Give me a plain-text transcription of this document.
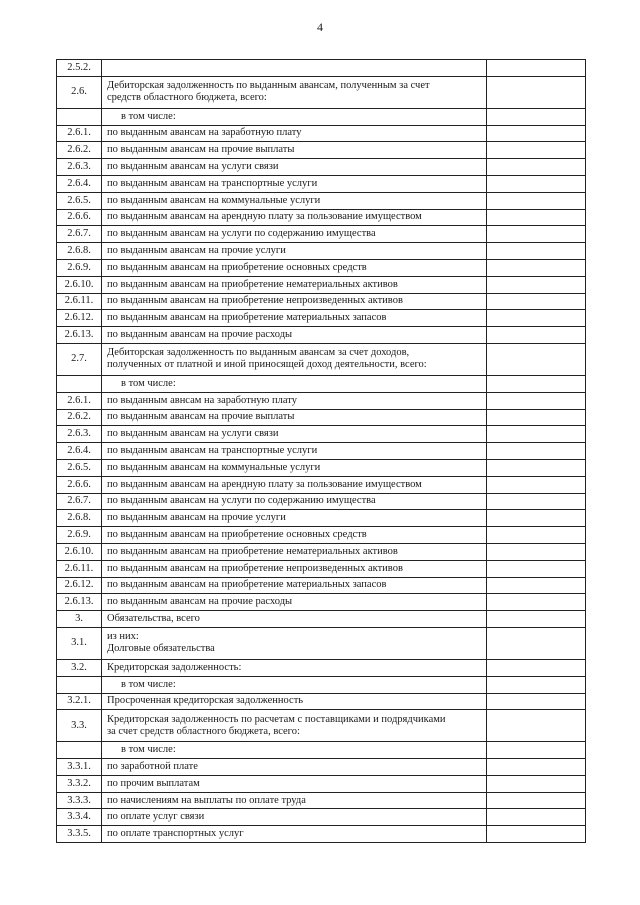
4
2.5.2.	

2.6.	Дебиторская задолженность по выданным авансам, полученным за счет
средств областного бюджета, всего:	

	в том числе:	

2.6.1.	по выданным авансам на заработную плату	

2.6.2.	по выданным авансам на прочие выплаты	

2.6.3.	по выданным авансам на услуги связи	

2.6.4.	по выданным авансам на транспортные услуги	

2.6.5.	по выданным авансам на коммунальные услуги	

2.6.6.	по выданным авансам на арендную плату за пользование имуществом	

2.6.7.	по выданным авансам на услуги по содержанию имущества	

2.6.8.	по выданным авансам на прочие услуги	

2.6.9.	по выданным авансам на приобретение основных средств	

2.6.10.	по выданным авансам на приобретение нематериальных активов	

2.6.11.	по выданным авансам на приобретение непроизведенных активов	

2.6.12.	по выданным авансам на приобретение материальных запасов	

2.6.13.	по выданным авансам на прочие расходы	

2.7.	Дебиторская задолженность по выданным авансам за счет доходов,
полученных от платной и иной приносящей доход деятельности, всего:	

	в том числе:	

2.6.1.	по выданным авнсам на заработную плату	

2.6.2.	по выданным авансам на прочие выплаты	

2.6.3.	по выданным авансам на услуги связи	

2.6.4.	по выданным авансам на транспортные услуги	

2.6.5.	по выданным авансам на коммунальные услуги	

2.6.6.	по выданным авансам на арендную плату за пользование имуществом	

2.6.7.	по выданным авансам на услуги по содержанию имущества	

2.6.8.	по выданным авансам на прочие услуги	

2.6.9.	по выданным авансам на приобретение основных средств	

2.6.10.	по выданным авансам на приобретение нематериальных активов	

2.6.11.	по выданным авансам на приобретение непроизведенных активов	

2.6.12.	по выданным авансам на приобретение материальных запасов	

2.6.13.	по выданным авансам на прочие расходы	

3.	Обязательства, всего	

3.1.	из них:
Долговые обязательства	

3.2.	Кредиторская задолженность:	

	в том числе:	

3.2.1.	Просроченная кредиторская задолженность	

3.3.	Кредиторская задолженность по расчетам с поставщиками и подрядчиками
за счет средств областного бюджета, всего:	

	в том числе:	

3.3.1.	по заработной плате	

3.3.2.	по прочим выплатам	

3.3.3.	по начислениям на выплаты по оплате труда	

3.3.4.	по оплате услуг связи	

3.3.5.	по оплате транспортных услуг	
